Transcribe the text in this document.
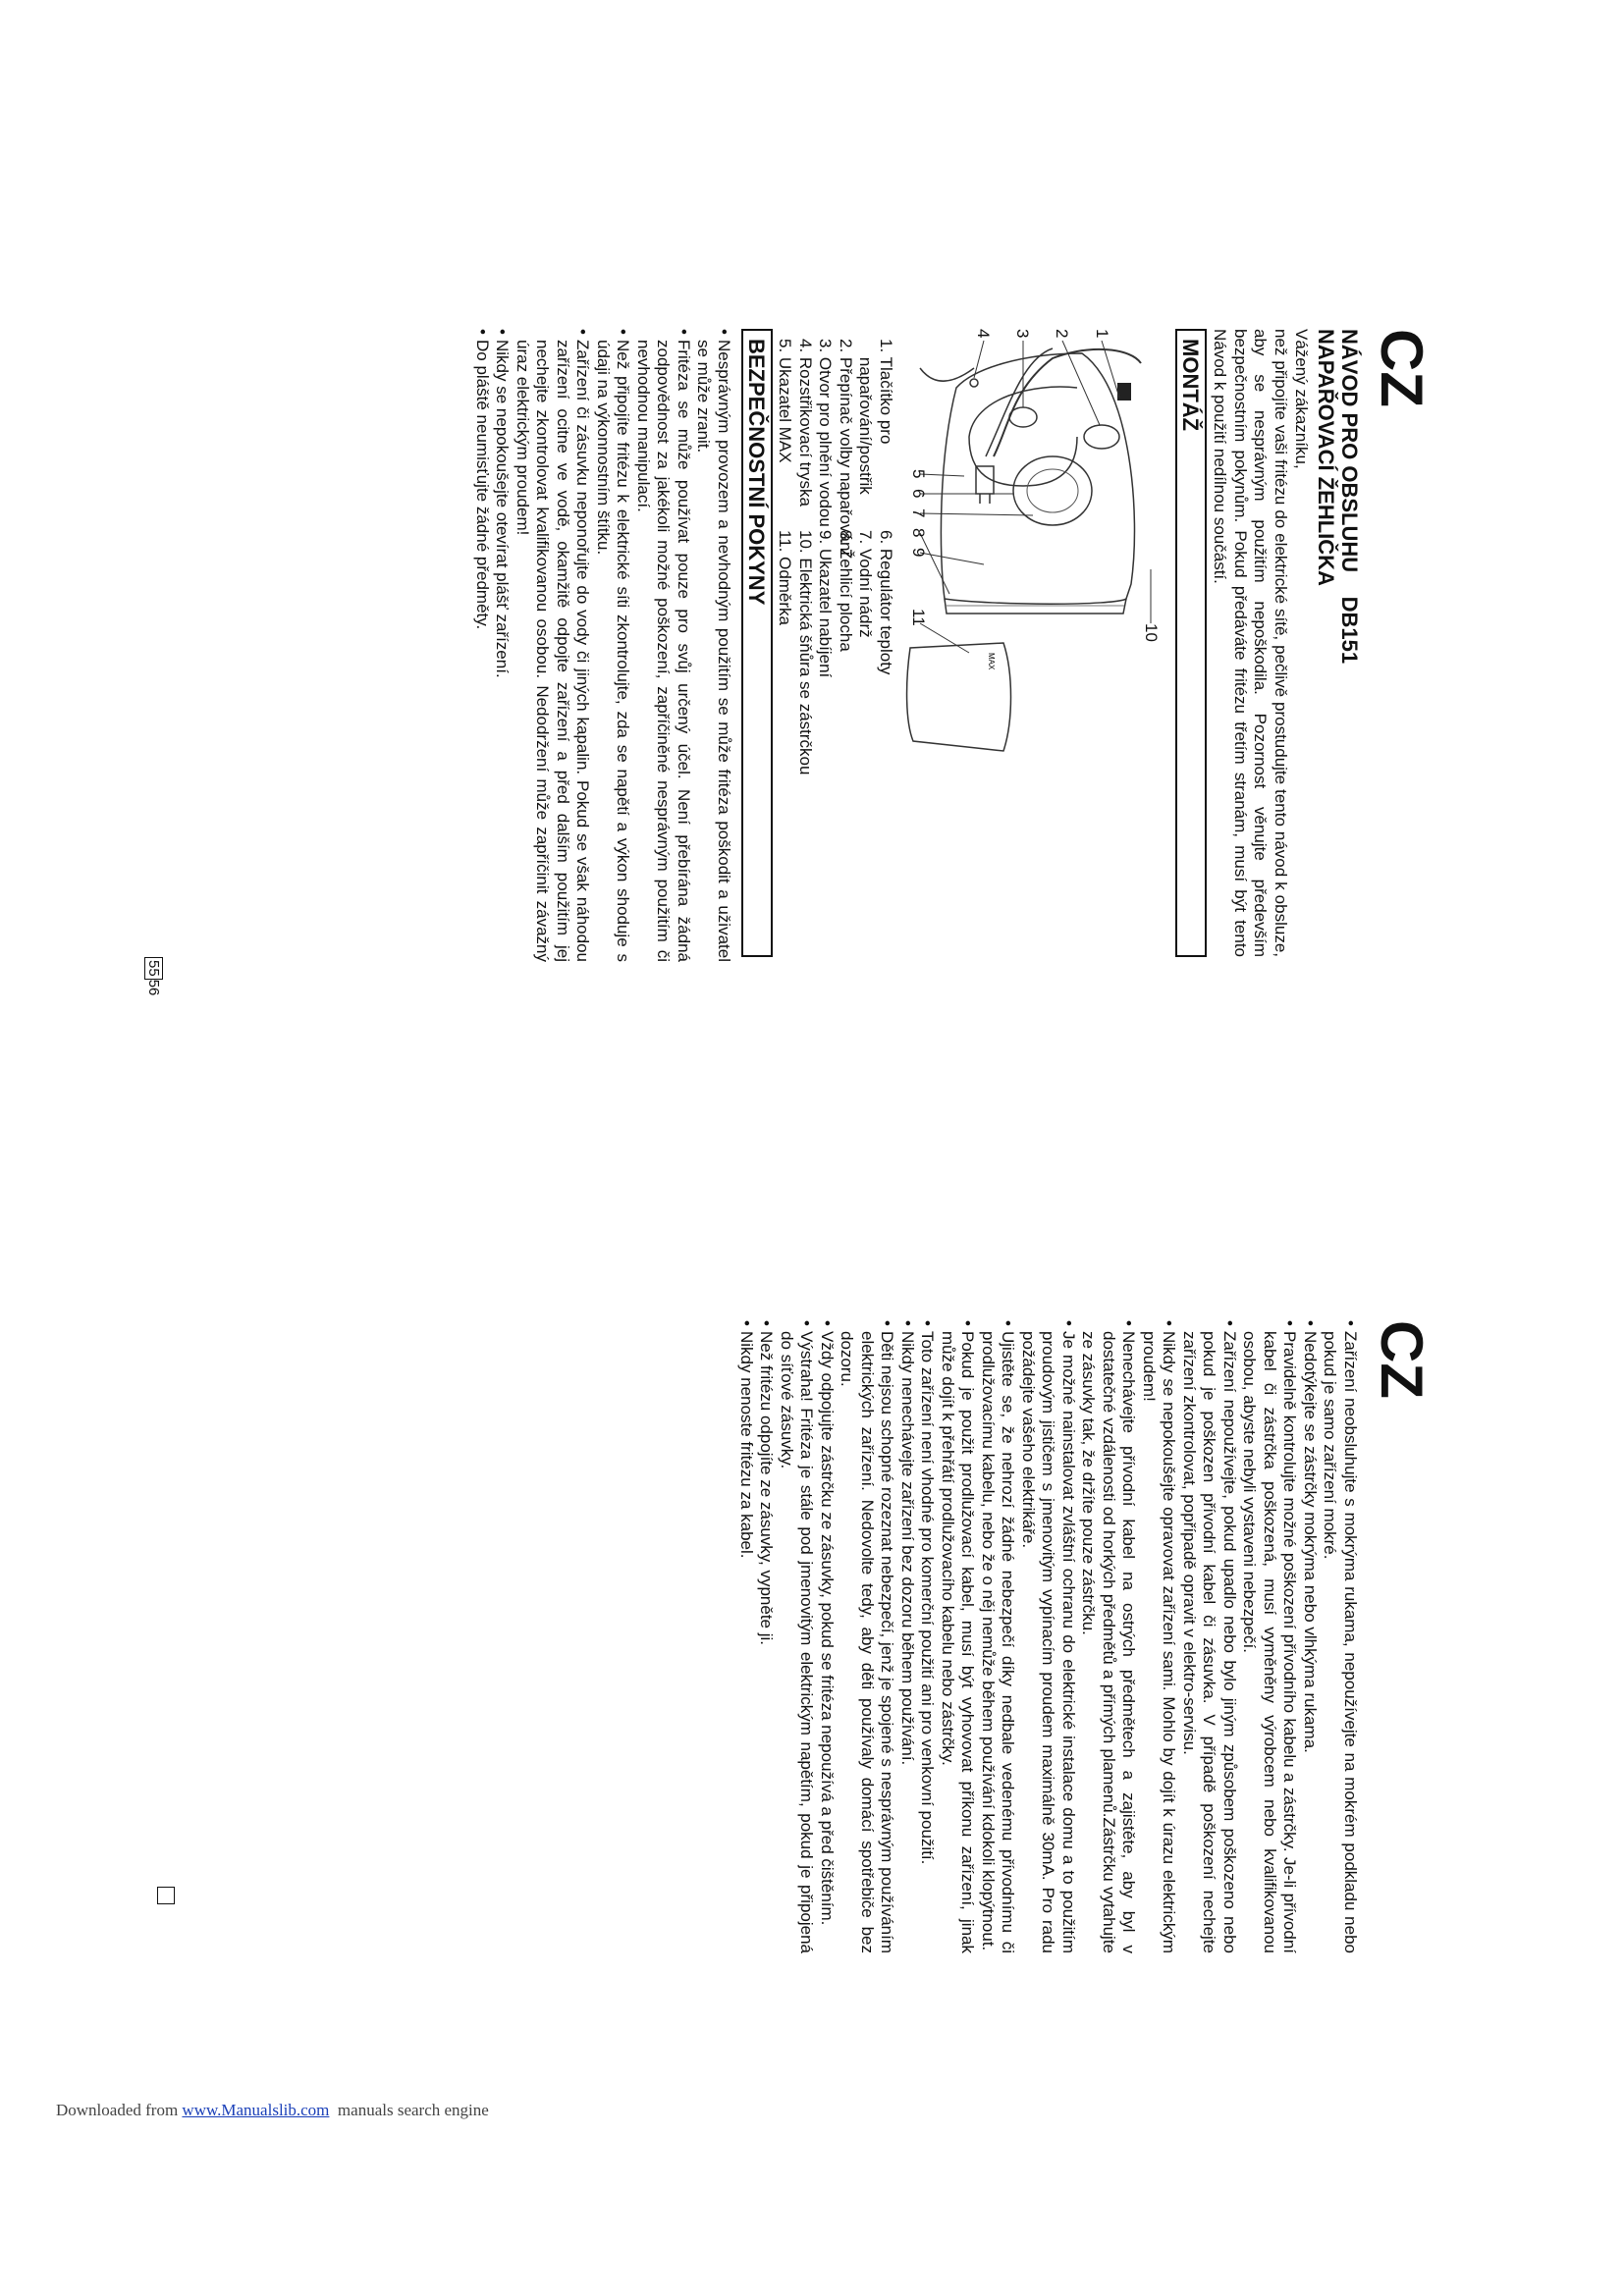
CZ
NÁVOD PRO OBSLUHU    DB151
NAPAŘOVACÍ ŽEHLIČKA
Vážený zákazníku,
než připojíte vaši fritézu do elektrické sítě, pečlivě prostudujte tento návod k obsluze, aby se nesprávným použitím nepoškodila. Pozornost věnujte především bezpečnostním pokynům. Pokud předáváte fritézu třetím stranám, musí být tento Návod k použití nedílnou součástí.
MONTÁŽ
MAX
1
2
3
4
5
6
7
8
9
10
11
1. Tlačítko pro
napařování/postřik
2. Přepínač volby napařování
3. Otvor pro plnění vodou
4. Rozstřikovací tryska
5. Ukazatel MAX
6. Regulátor teploty
7. Vodní nádrž
8. Žehlicí plocha
9. Ukazatel nabíjení
10. Elektrická šňůra se zástrčkou
11. Odměrka
BEZPEČNOSTNÍ POKYNY
• Nesprávným provozem a nevhodným použitím se může fritéza poškodit a uživatel se může zranit.
• Fritéza se může používat pouze pro svůj určený účel. Není přebírána žádná zodpovědnost za jakékoli možné poškození, zapříčiněné nesprávným použitím či nevhodnou manipulací.
• Než připojíte fritézu k elektrické síti zkontrolujte, zda se napětí a výkon shoduje s údaji na výkonnostním štítku.
• Zařízení či zásuvku neponořujte do vody či jiných kapalin. Pokud se však náhodou zařízení ocitne ve vodě, okamžitě odpojte zařízení a před dalším použitím jej nechejte zkontrolovat kvalifikovanou osobou. Nedodržení může zapříčinit závažný úraz elektrickým proudem!
• Nikdy se nepokoušejte otevírat plášť zařízení.
• Do pláště neumisťujte žádné předměty.
5556
CZ
• Zařízení neobsluhujte s mokrýma rukama, nepoužívejte na mokrém podkladu nebo pokud je samo zařízení mokré.
• Nedotýkejte se zástrčky mokrýma nebo vlhkýma rukama.
• Pravidelně kontrolujte možné poškození přívodního kabelu a zástrčky. Je-li přívodní kabel či zástrčka poškozená, musí vyměněny výrobcem nebo kvalifikovanou osobou, abyste nebyli vystaveni nebezpečí.
• Zařízení nepoužívejte, pokud upadlo nebo bylo jiným způsobem poškozeno nebo pokud je poškozen přívodní kabel či zásuvka. V případě poškození nechejte zařízení zkontrolovat, popřípadě opravit v elektro-servisu.
• Nikdy se nepokoušejte opravovat zařízení sami. Mohlo by dojít k úrazu elektrickým proudem!
• Nenechávejte přívodní kabel na ostrých předmětech a zajistěte, aby byl v dostatečné vzdálenosti od horkých předmětů a přímých plamenů.Zástrčku vytahujte ze zásuvky tak, že držíte pouze zástrčku.
• Je možné nainstalovat zvláštní ochranu do elektrické instalace domu a to použitím proudovým jističem s jmenovitým vypínacím proudem maximálně 30mA. Pro radu požádejte vašeho elektrikáře.
• Ujistěte se, že nehrozí žádné nebezpečí díky nedbale vedenému přívodnímu či prodlužovacímu kabelu, nebo že o něj nemůže během používání kdokoli klopýtnout.
• Pokud je použit prodlužovací kabel, musí být vyhovovat příkonu zařízení, jinak může dojít k přehřátí prodlužovacího kabelu nebo zástrčky.
• Toto zařízení není vhodné pro komerční použití ani pro venkovní použití.
• Nikdy nenechávejte zařízení bez dozoru během používání.
• Děti nejsou schopné rozeznat nebezpečí, jenž je spojené s nesprávným používáním elektrických zařízení. Nedovolte tedy, aby děti používaly domácí spotřebiče bez dozoru.
• Vždy odpojujte zástrčku ze zásuvky, pokud se fritéza nepoužívá a před čištěním.
• Výstraha! Fritéza je stále pod jmenovitým elektrickým napětím, pokud je připojená do síťové zásuvky.
• Než fritézu odpojíte ze zásuvky, vypněte ji.
• Nikdy nenoste fritézu za kabel.
Downloaded from www.Manualslib.com  manuals search engine
